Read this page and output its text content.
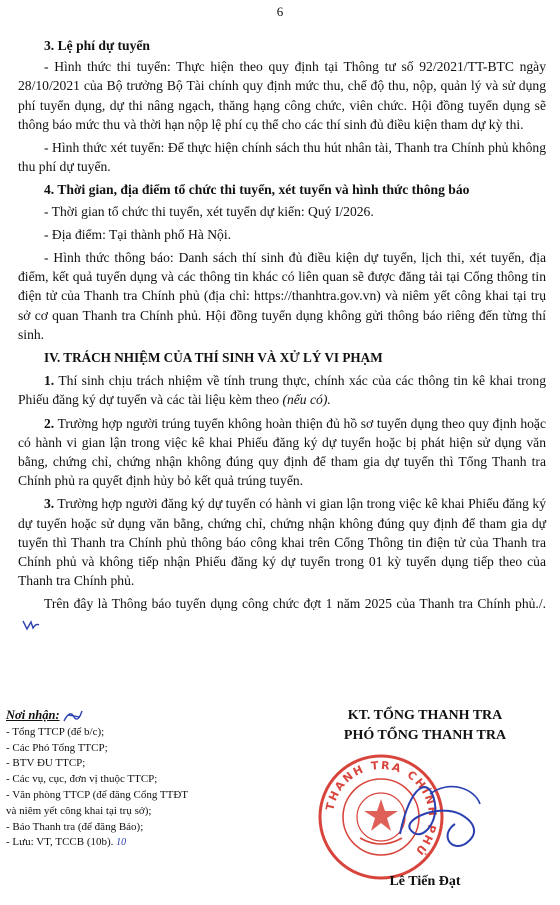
6
3. Lệ phí dự tuyển

- Hình thức thi tuyển: Thực hiện theo quy định tại Thông tư số 92/2021/TT-BTC ngày 28/10/2021 của Bộ trưởng Bộ Tài chính quy định mức thu, chế độ thu, nộp, quản lý và sử dụng phí tuyển dụng, dự thi nâng ngạch, thăng hạng công chức, viên chức. Hội đồng tuyển dụng sẽ thông báo mức thu và thời hạn nộp lệ phí cụ thể cho các thí sinh đủ điều kiện tham dự kỳ thi.

- Hình thức xét tuyển: Để thực hiện chính sách thu hút nhân tài, Thanh tra Chính phủ không thu phí dự tuyển.

4. Thời gian, địa điểm tổ chức thi tuyển, xét tuyển và hình thức thông báo

- Thời gian tổ chức thi tuyển, xét tuyển dự kiến: Quý I/2026.

- Địa điểm: Tại thành phố Hà Nội.

- Hình thức thông báo: Danh sách thí sinh đủ điều kiện dự tuyển, lịch thi, xét tuyển, địa điểm, kết quả tuyển dụng và các thông tin khác có liên quan sẽ được đăng tải tại Cổng thông tin điện tử của Thanh tra Chính phủ (địa chỉ: https://thanhtra.gov.vn) và niêm yết công khai tại trụ sở cơ quan Thanh tra Chính phủ. Hội đồng tuyển dụng không gửi thông báo riêng đến từng thí sinh.

IV. TRÁCH NHIỆM CỦA THÍ SINH VÀ XỬ LÝ VI PHẠM

1. Thí sinh chịu trách nhiệm về tính trung thực, chính xác của các thông tin kê khai trong Phiếu đăng ký dự tuyển và các tài liệu kèm theo (nếu có).

2. Trường hợp người trúng tuyển không hoàn thiện đủ hồ sơ tuyển dụng theo quy định hoặc có hành vi gian lận trong việc kê khai Phiếu đăng ký dự tuyển hoặc bị phát hiện sử dụng văn bằng, chứng chỉ, chứng nhận không đúng quy định để tham gia dự tuyển thì Tổng Thanh tra Chính phủ ra quyết định hủy bỏ kết quả trúng tuyển.

3. Trường hợp người đăng ký dự tuyển có hành vi gian lận trong việc kê khai Phiếu đăng ký dự tuyển hoặc sử dụng văn bằng, chứng chỉ, chứng nhận không đúng quy định để tham gia dự tuyển thì Thanh tra Chính phủ thông báo công khai trên Cổng Thông tin điện tử của Thanh tra Chính phủ và không tiếp nhận Phiếu đăng ký dự tuyển trong 01 kỳ tuyển dụng tiếp theo của Thanh tra Chính phủ.

Trên đây là Thông báo tuyển dụng công chức đợt 1 năm 2025 của Thanh tra Chính phủ./.

Nơi nhận:
- Tổng TTCP (để b/c);
- Các Phó Tổng TTCP;
- BTV ĐU TTCP;
- Các vụ, cục, đơn vị thuộc TTCP;
- Văn phòng TTCP (để đăng Cổng TTĐT
và niêm yết công khai tại trụ sở);
- Báo Thanh tra (để đăng Báo);
- Lưu: VT, TCCB (10b). 10
KT. TỔNG THANH TRA
PHÓ TỔNG THANH TRA
THANH TRA CHÍNH PHỦ
Lê Tiến Đạt
